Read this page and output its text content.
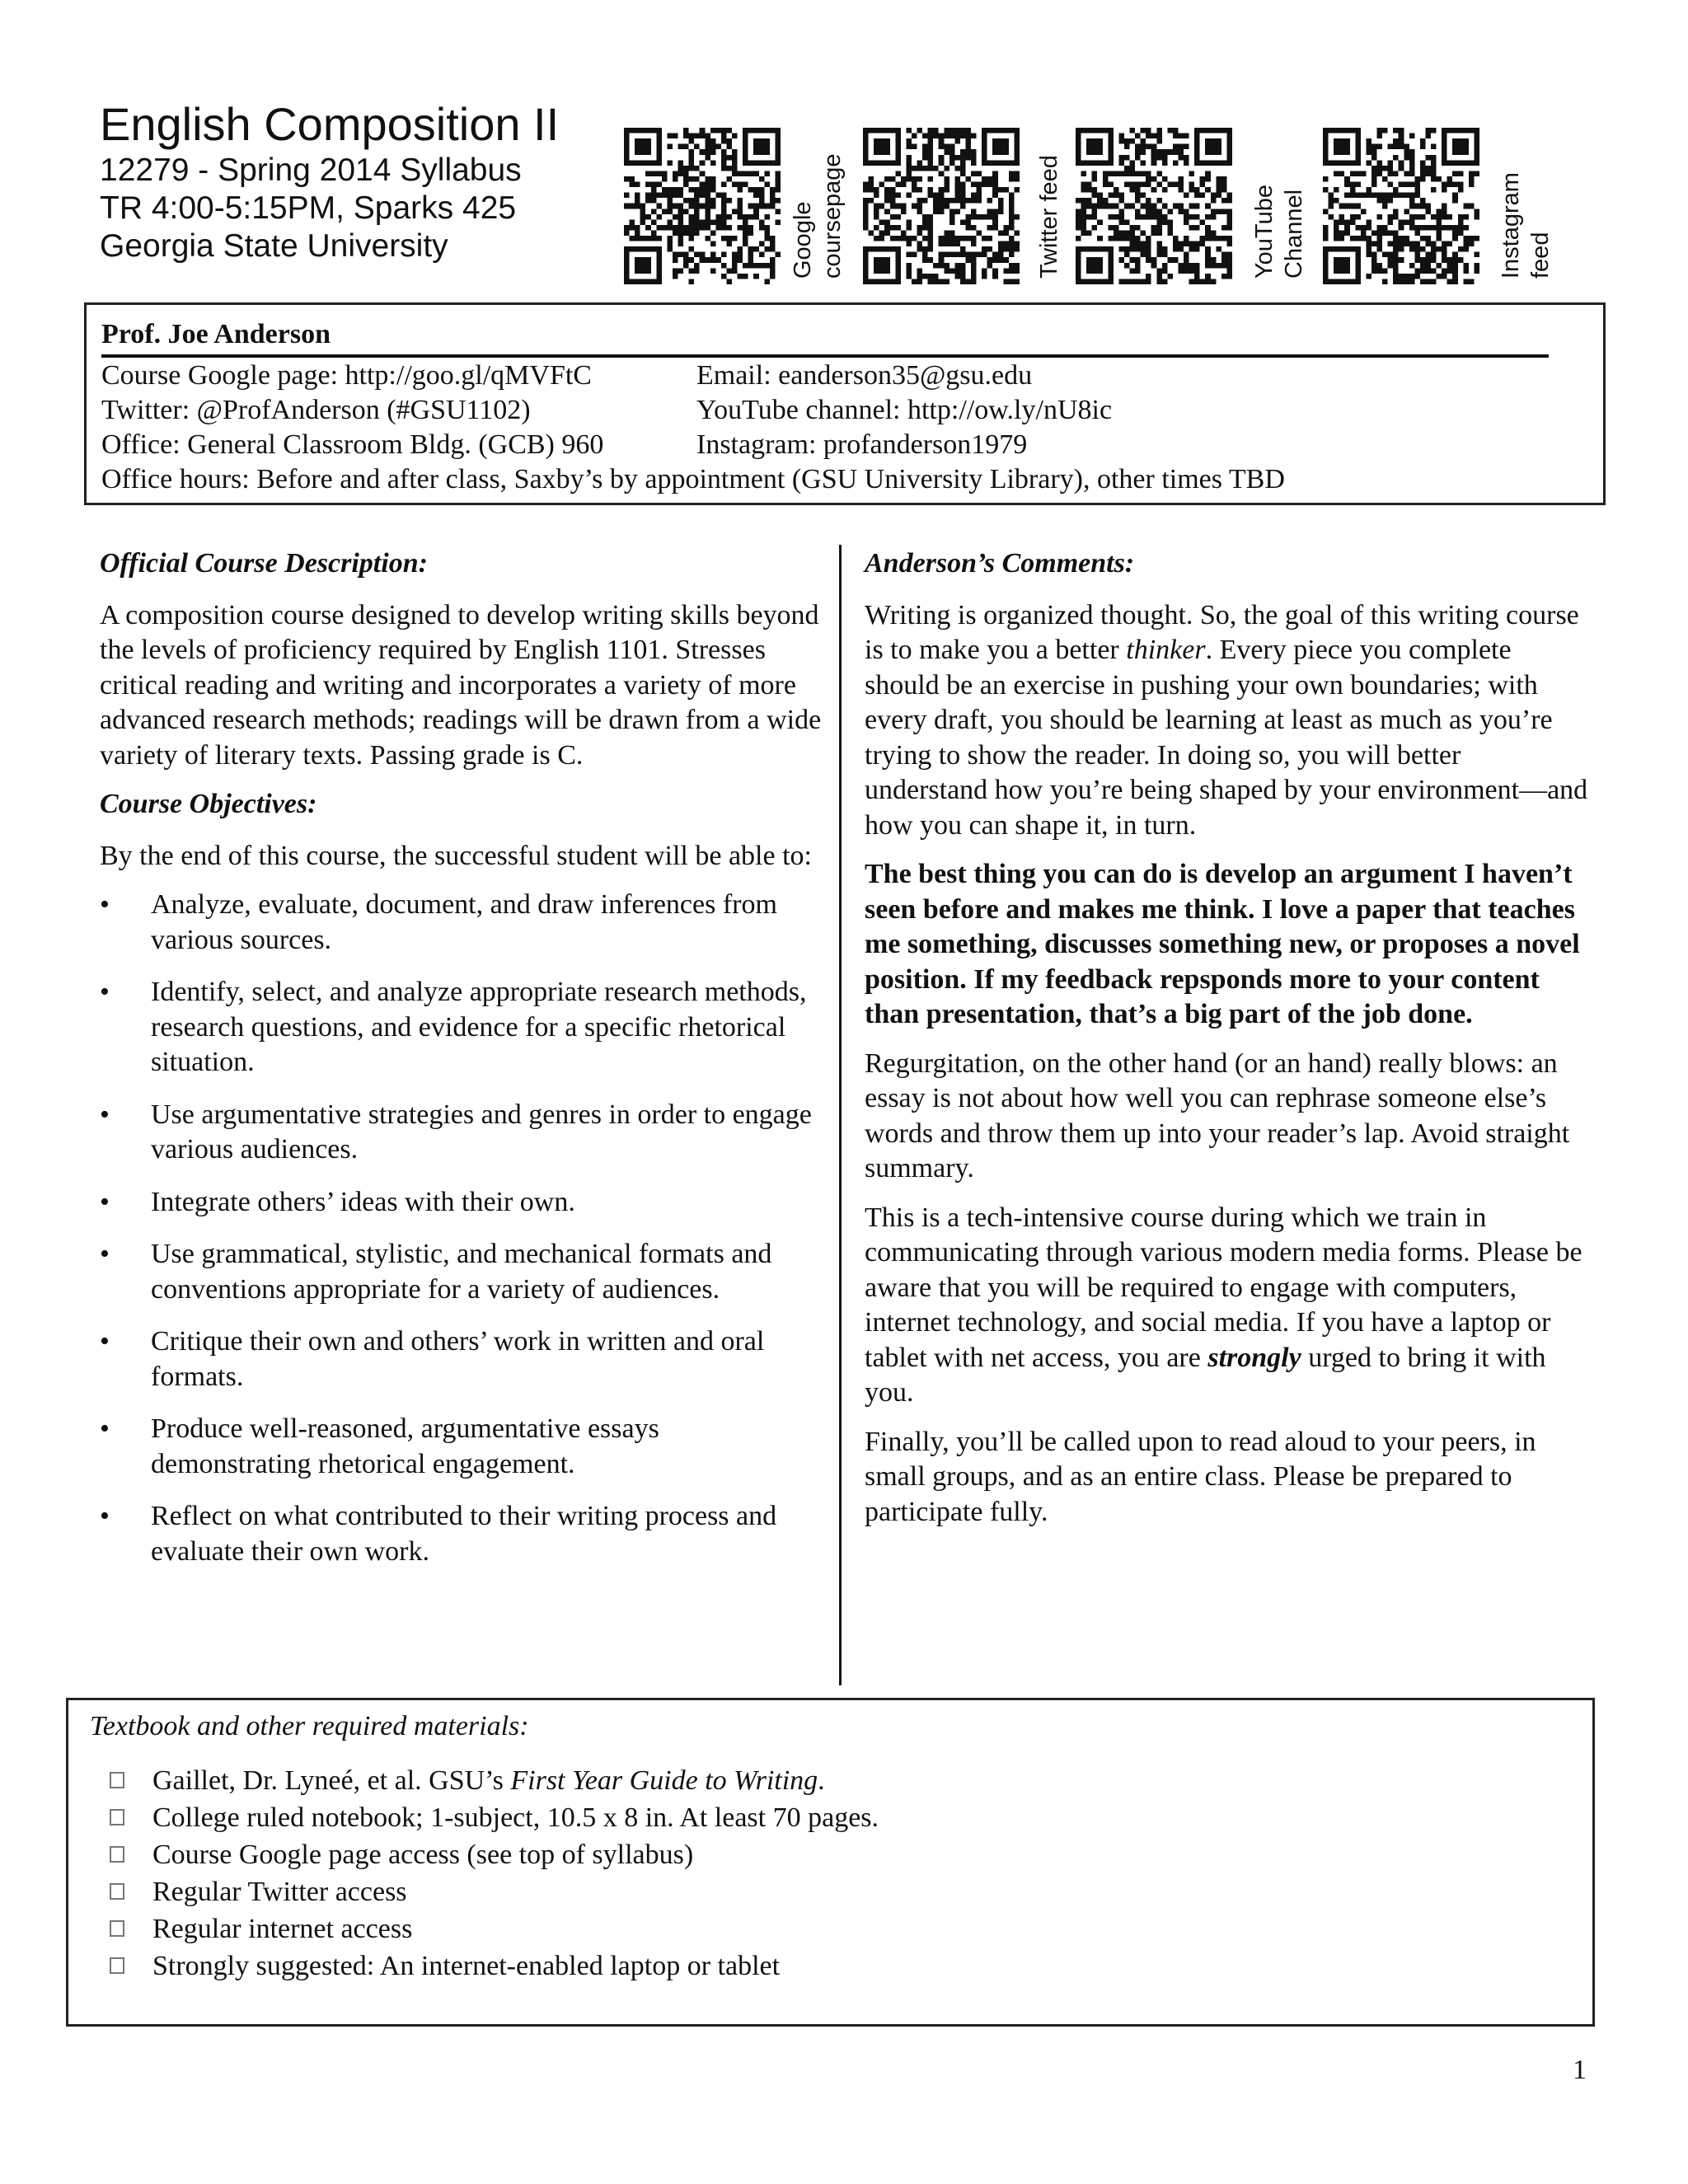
English Composition II
12279 - Spring 2014 Syllabus
TR 4:00-5:15PM, Sparks 425
Georgia State University	Google coursepage	Twitter feed	YouTube Channel	Instagram feed
Prof. Joe Anderson
Course Google page: http://goo.gl/qMVFtC	Email: eanderson35@gsu.edu
Twitter: @ProfAnderson (#GSU1102)	YouTube channel: http://ow.ly/nU8ic
Office: General Classroom Bldg. (GCB) 960	Instagram: profanderson1979
Office hours: Before and after class, Saxby’s by appointment (GSU University Library), other times TBD
Official Course Description:
A composition course designed to develop writing skills beyond the levels of proficiency required by English 1101. Stresses critical reading and writing and incorporates a variety of more advanced research methods; readings will be drawn from a wide variety of literary texts. Passing grade is C.
Course Objectives:
By the end of this course, the successful student will be able to:
• Analyze, evaluate, document, and draw inferences from various sources.
• Identify, select, and analyze appropriate research methods, research questions, and evidence for a specific rhetorical situation.
• Use argumentative strategies and genres in order to engage various audiences.
• Integrate others’ ideas with their own.
• Use grammatical, stylistic, and mechanical formats and conventions appropriate for a variety of audiences.
• Critique their own and others’ work in written and oral formats.
• Produce well-reasoned, argumentative essays demonstrating rhetorical engagement.
• Reflect on what contributed to their writing process and evaluate their own work.
Anderson’s Comments:
Writing is organized thought. So, the goal of this writing course is to make you a better thinker. Every piece you complete should be an exercise in pushing your own boundaries; with every draft, you should be learning at least as much as you’re trying to show the reader. In doing so, you will better understand how you’re being shaped by your environment—and how you can shape it, in turn.
The best thing you can do is develop an argument I haven’t seen before and makes me think. I love a paper that teaches me something, discusses something new, or proposes a novel position. If my feedback repsponds more to your content than presentation, that’s a big part of the job done.
Regurgitation, on the other hand (or an hand) really blows: an essay is not about how well you can rephrase someone else’s words and throw them up into your reader’s lap. Avoid straight summary.
This is a tech-intensive course during which we train in communicating through various modern media forms. Please be aware that you will be required to engage with computers, internet technology, and social media. If you have a laptop or tablet with net access, you are strongly urged to bring it with you.
Finally, you’ll be called upon to read aloud to your peers, in small groups, and as an entire class. Please be prepared to participate fully.
Textbook and other required materials:
Gaillet, Dr. Lyneé, et al. GSU’s First Year Guide to Writing.
College ruled notebook; 1-subject, 10.5 x 8 in. At least 70 pages.
Course Google page access (see top of syllabus)
Regular Twitter access
Regular internet access
Strongly suggested: An internet-enabled laptop or tablet
1
